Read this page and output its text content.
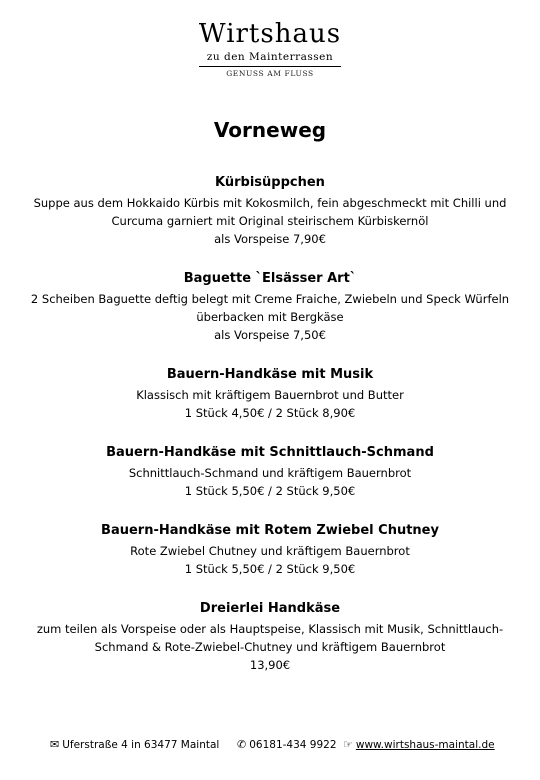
Wirtshaus
zu den Mainterrassen
GENUSS AM FLUSS
Vorneweg
Kürbisüppchen
Suppe aus dem Hokkaido Kürbis mit Kokosmilch, fein abgeschmeckt mit Chilli und
Curcuma garniert mit Original steirischem Kürbiskernöl
als Vorspeise 7,90€
Baguette `Elsässer Art`
2 Scheiben Baguette deftig belegt mit Creme Fraiche, Zwiebeln und Speck Würfeln
überbacken mit Bergkäse
als Vorspeise 7,50€
Bauern-Handkäse mit Musik
Klassisch mit kräftigem Bauernbrot und Butter
1 Stück 4,50€ / 2 Stück 8,90€
Bauern-Handkäse mit Schnittlauch-Schmand
Schnittlauch-Schmand und kräftigem Bauernbrot
1 Stück 5,50€ / 2 Stück 9,50€
Bauern-Handkäse mit Rotem Zwiebel Chutney
Rote Zwiebel Chutney und kräftigem Bauernbrot
1 Stück 5,50€ / 2 Stück 9,50€
Dreierlei Handkäse
zum teilen als Vorspeise oder als Hauptspeise, Klassisch mit Musik, Schnittlauch-
Schmand & Rote-Zwiebel-Chutney und kräftigem Bauernbrot
13,90€
✉ Uferstraße 4 in 63477 Maintal ✆ 06181-434 9922 ☞ www.wirtshaus-maintal.de
